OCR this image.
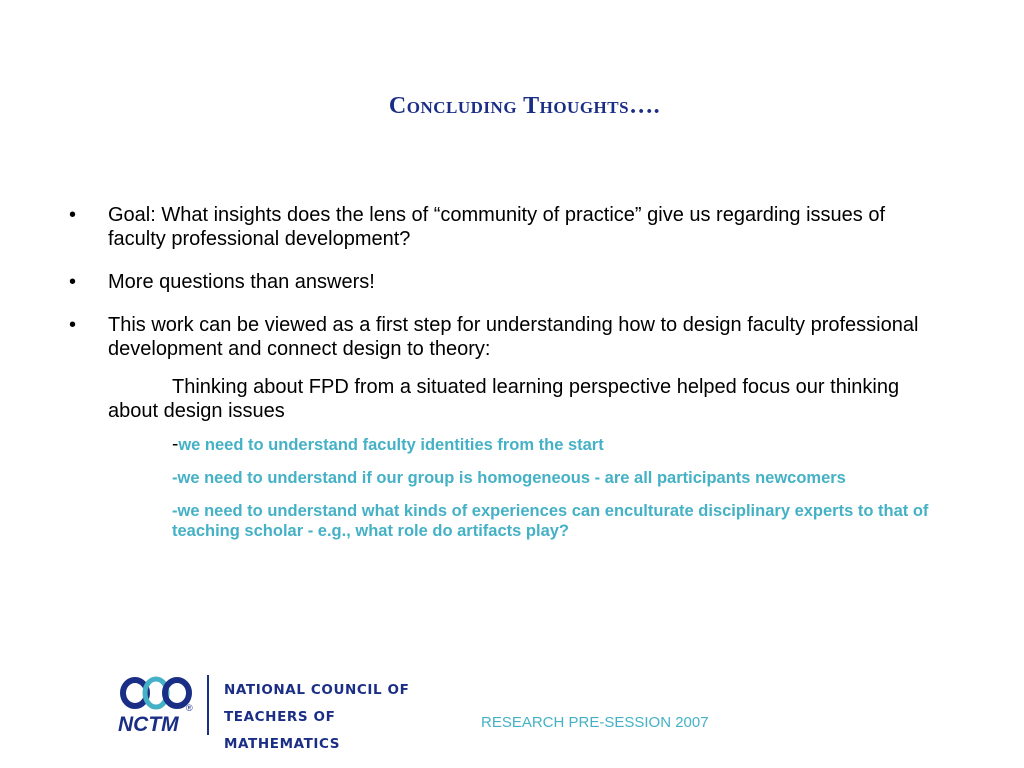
Concluding Thoughts….
• Goal: What insights does the lens of “community of practice” give us regarding issues of faculty professional development?
• More questions than answers!
• This work can be viewed as a first step for understanding how to design faculty professional development and connect design to theory:
Thinking about FPD from a situated learning perspective helped focus our thinking about design issues
-we need to understand faculty identities from the start
-we need to understand if our group is homogeneous - are all participants newcomers
-we need to understand what kinds of experiences can enculturate disciplinary experts to that of teaching scholar - e.g., what role do artifacts play?
NCTM
®
NATIONAL COUNCIL OF
TEACHERS OF MATHEMATICS
RESEARCH PRE-SESSION 2007
